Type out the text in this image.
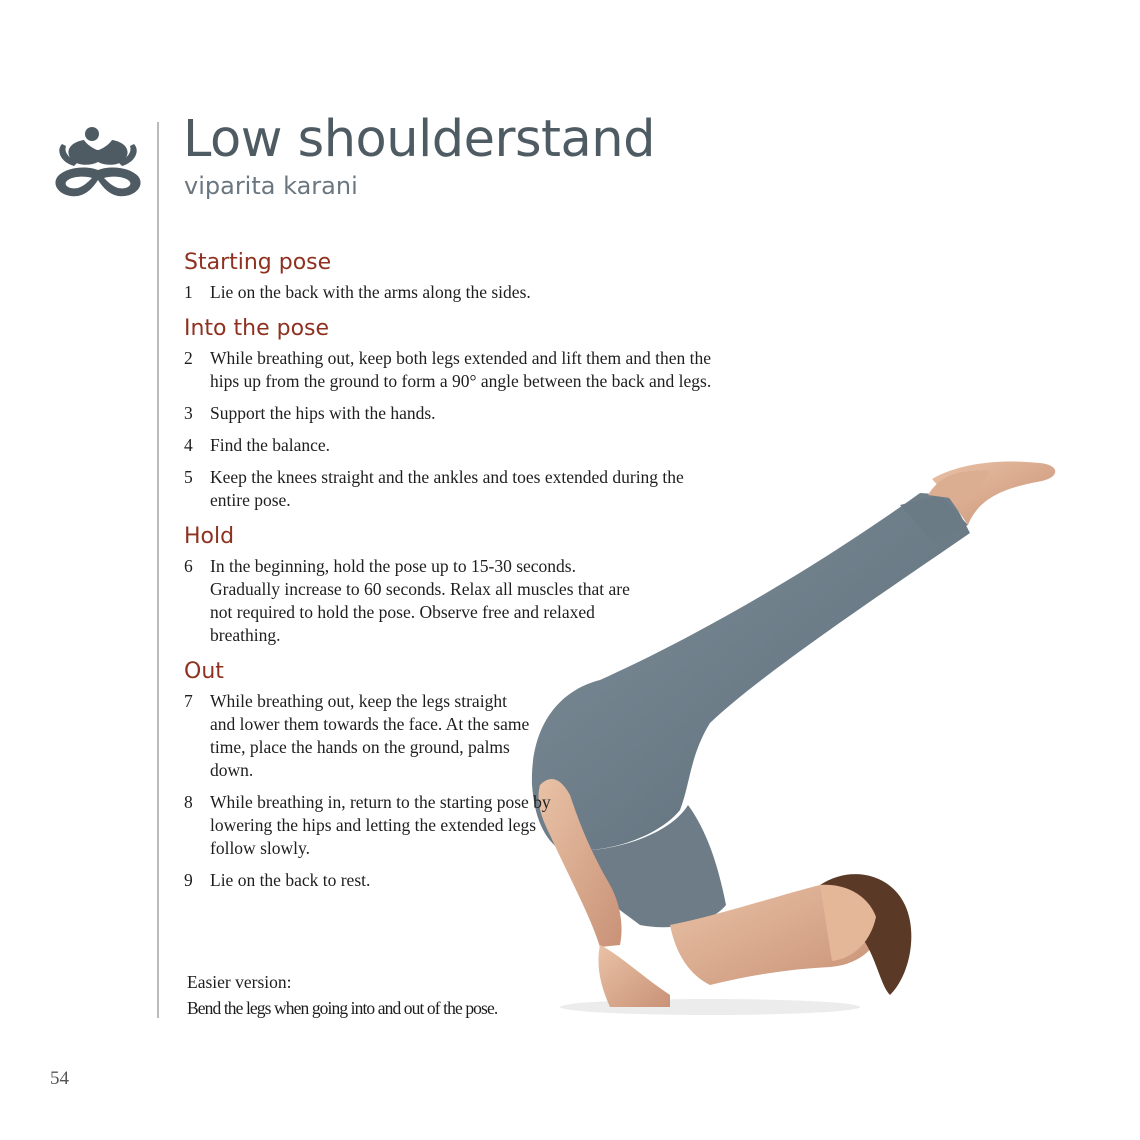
Low shoulderstand
viparita karani
Starting pose
1 Lie on the back with the arms along the sides.
Into the pose
2 While breathing out, keep both legs extended and lift them and then the hips up from the ground to form a 90° angle between the back and legs.
3 Support the hips with the hands.
4 Find the balance.
5 Keep the knees straight and the ankles and toes extended during the entire pose.
Hold
6 In the beginning, hold the pose up to 15-30 seconds. Gradually increase to 60 seconds. Relax all muscles that are not required to hold the pose. Observe free and relaxed breathing.
Out
7 While breathing out, keep the legs straight and lower them towards the face. At the same time, place the hands on the ground, palms down.
8 While breathing in, return to the starting pose by lowering the hips and letting the extended legs follow slowly.
9 Lie on the back to rest.
Easier version:
Bend the legs when going into and out of the pose.
54
